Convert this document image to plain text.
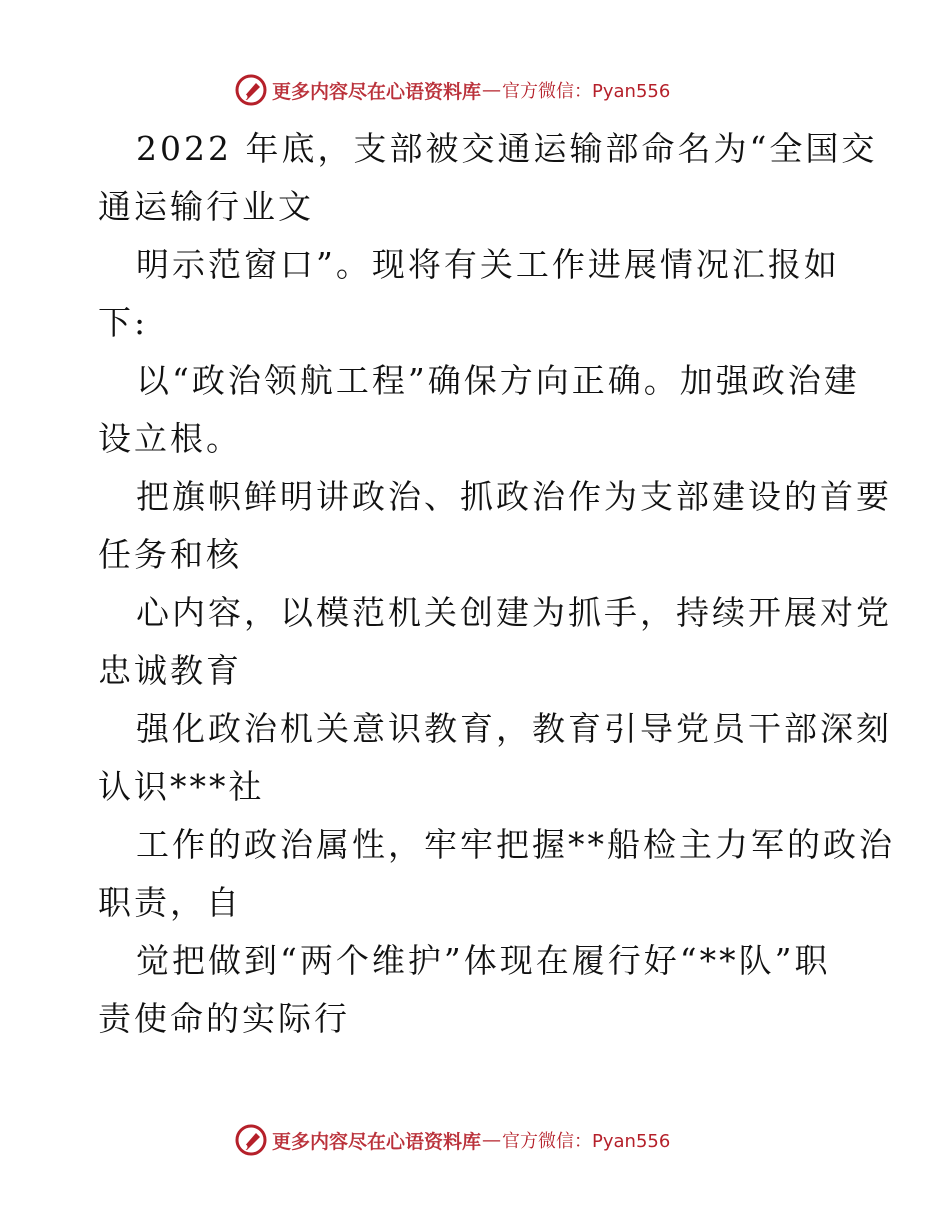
更多内容尽在心语资料库 — 官方微信：Pyan556
2022 年底，支部被交通运输部命名为“全国交
通运输行业文
明示范窗口”。现将有关工作进展情况汇报如
下:
以“政治领航工程”确保方向正确。加强政治建
设立根。
把旗帜鲜明讲政治、抓政治作为支部建设的首要
任务和核
心内容，以模范机关创建为抓手，持续开展对党
忠诚教育
强化政治机关意识教育，教育引导党员干部深刻
认识***社
工作的政治属性，牢牢把握**船检主力军的政治
职责，自
觉把做到“两个维护”体现在履行好“**队”职
责使命的实际行
更多内容尽在心语资料库 — 官方微信：Pyan556
